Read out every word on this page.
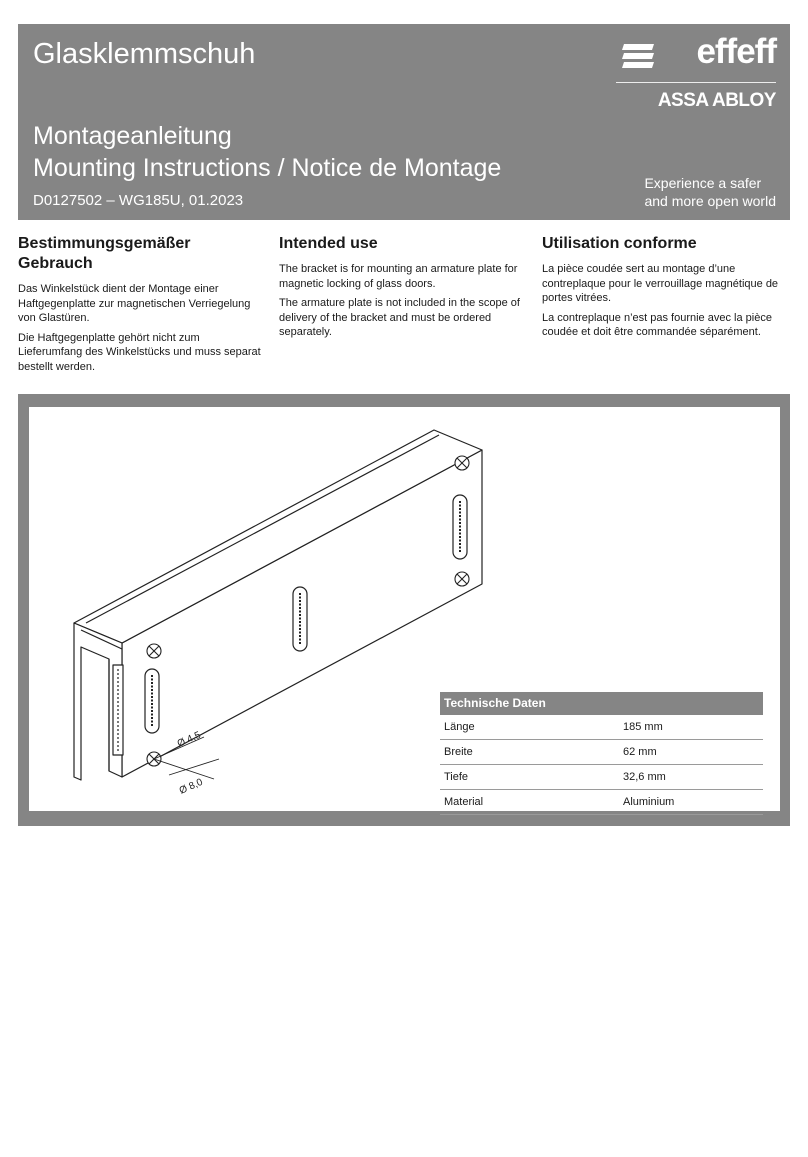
Glasklemmschuh
Montageanleitung
Mounting Instructions / Notice de Montage
D0127502 – WG185U, 01.2023
effeff
ASSA ABLOY
Experience a safer
and more open world
Bestimmungsgemäßer Gebrauch

Das Winkelstück dient der Montage einer Haftgegenplatte zur magnetischen Verriegelung von Glastüren.

Die Haftgegenplatte gehört nicht zum Lieferumfang des Winkelstücks und muss separat bestellt werden.

Intended use

The bracket is for mounting an armature plate for magnetic locking of glass doors.

The armature plate is not included in the scope of delivery of the bracket and must be ordered separately.

Utilisation conforme

La pièce coudée sert au montage d’une contreplaque pour le verrouillage magnétique de portes vitrées.

La contreplaque n’est pas fournie avec la pièce coudée et doit être commandée séparément.

Ø 4,5
Ø 8,0
Technische Daten
Länge	185 mm
Breite	62 mm
Tiefe	32,6 mm
Material	Aluminium
